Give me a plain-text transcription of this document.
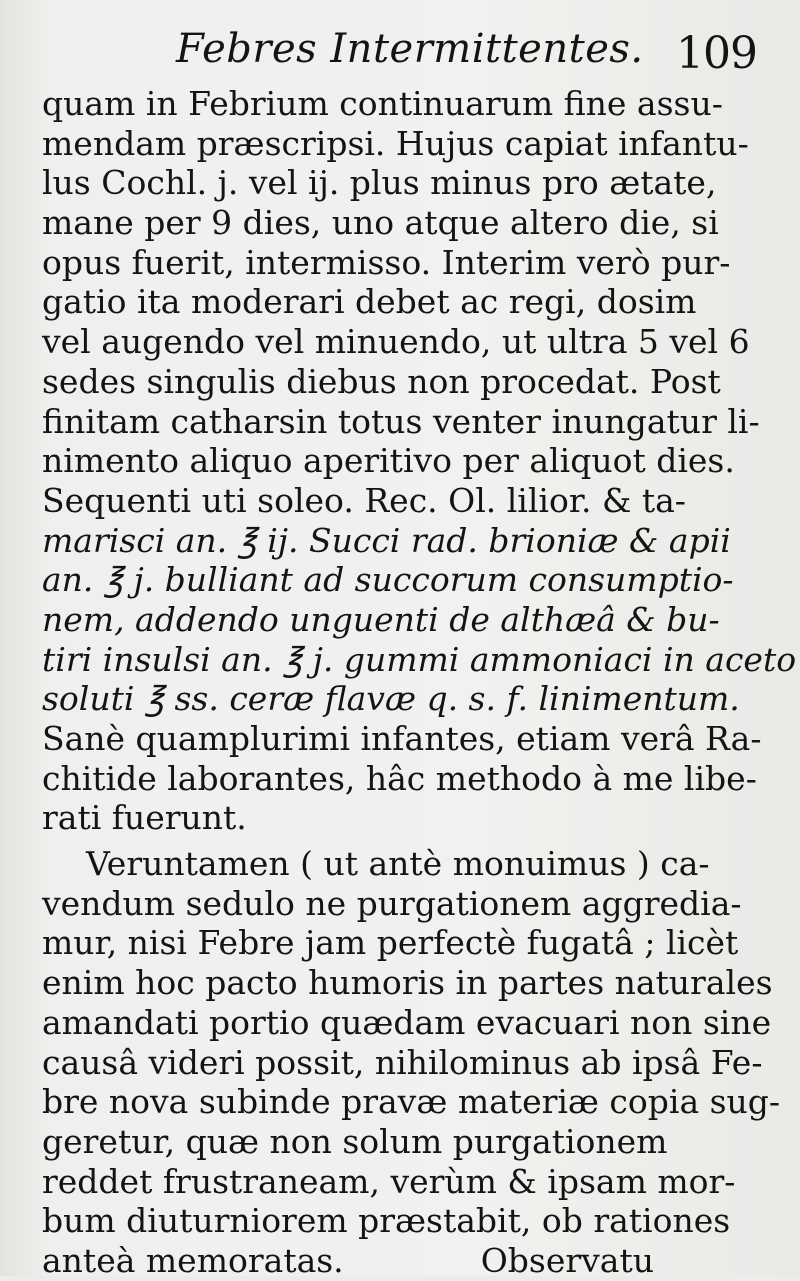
Febres Intermittentes. 109
quam in Febrium continuarum fine assu-
mendam præscripsi. Hujus capiat infantu-
lus Cochl. j. vel ij. plus minus pro ætate,
mane per 9 dies, uno atque altero die, si
opus fuerit, intermisso. Interim verò pur-
gatio ita moderari debet ac regi, dosim
vel augendo vel minuendo, ut ultra 5 vel 6
sedes singulis diebus non procedat. Post
finitam catharsin totus venter inungatur li-
nimento aliquo aperitivo per aliquot dies.
Sequenti uti soleo. Rec. Ol. lilior. & ta-
marisci an. ℥ ij. Succi rad. brioniæ & apii
an. ℥ j. bulliant ad succorum consumptio-
nem, addendo unguenti de althæâ & bu-
tiri insulsi an. ℥ j. gummi ammoniaci in aceto
soluti ℥ ss. ceræ flavæ q. s. f. linimentum.
Sanè quamplurimi infantes, etiam verâ Ra-
chitide laborantes, hâc methodo à me libe-
rati fuerunt.
Veruntamen ( ut antè monuimus ) ca-
vendum sedulo ne purgationem aggredia-
mur, nisi Febre jam perfectè fugatâ ; licèt
enim hoc pacto humoris in partes naturales
amandati portio quædam evacuari non sine
causâ videri possit, nihilominus ab ipsâ Fe-
bre nova subinde pravæ materiæ copia sug-
geretur, quæ non solum purgationem
reddet frustraneam, verùm & ipsam mor-
bum diuturniorem præstabit, ob rationes
anteà memoratas.	Observatu
